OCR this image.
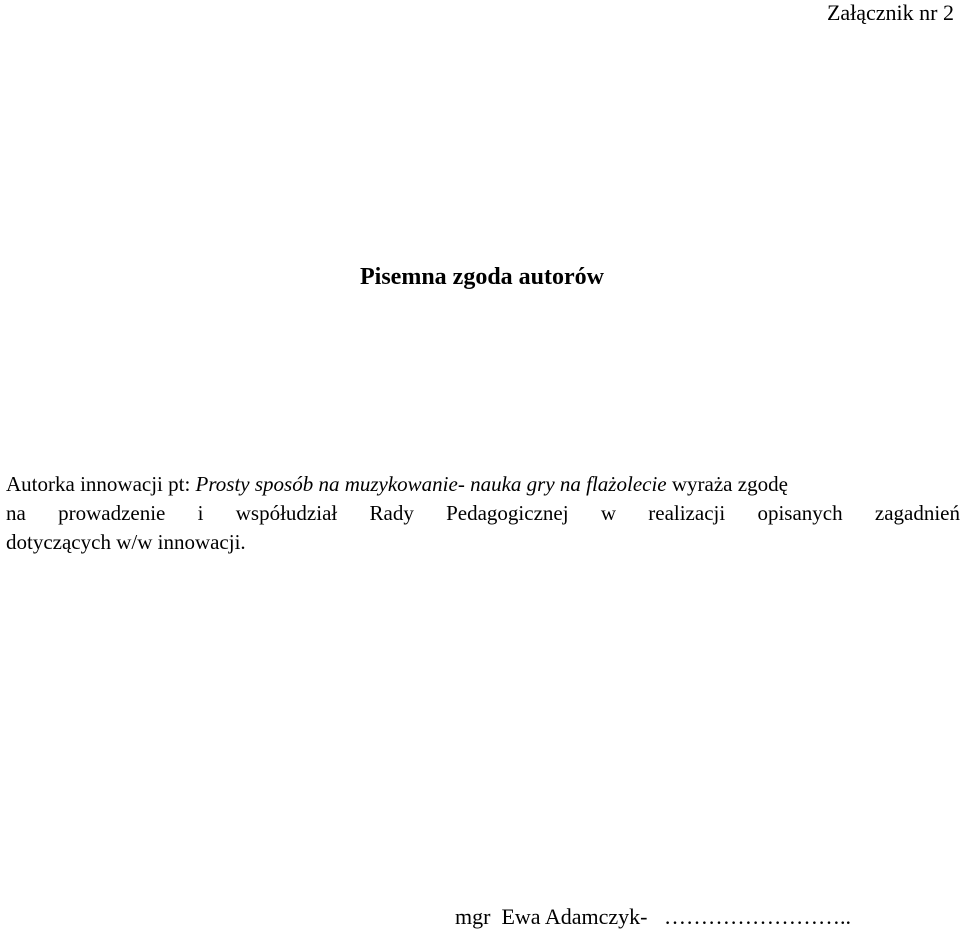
Załącznik nr 2

Pisemna zgoda autorów
Autorka innowacji pt: Prosty sposób na muzykowanie- nauka gry na flażolecie wyraża zgodę
na prowadzenie i współudział Rady Pedagogicznej w realizacji opisanych zagadnień
dotyczących w/w innowacji.

mgr  Ewa Adamczyk-   ……………………..
